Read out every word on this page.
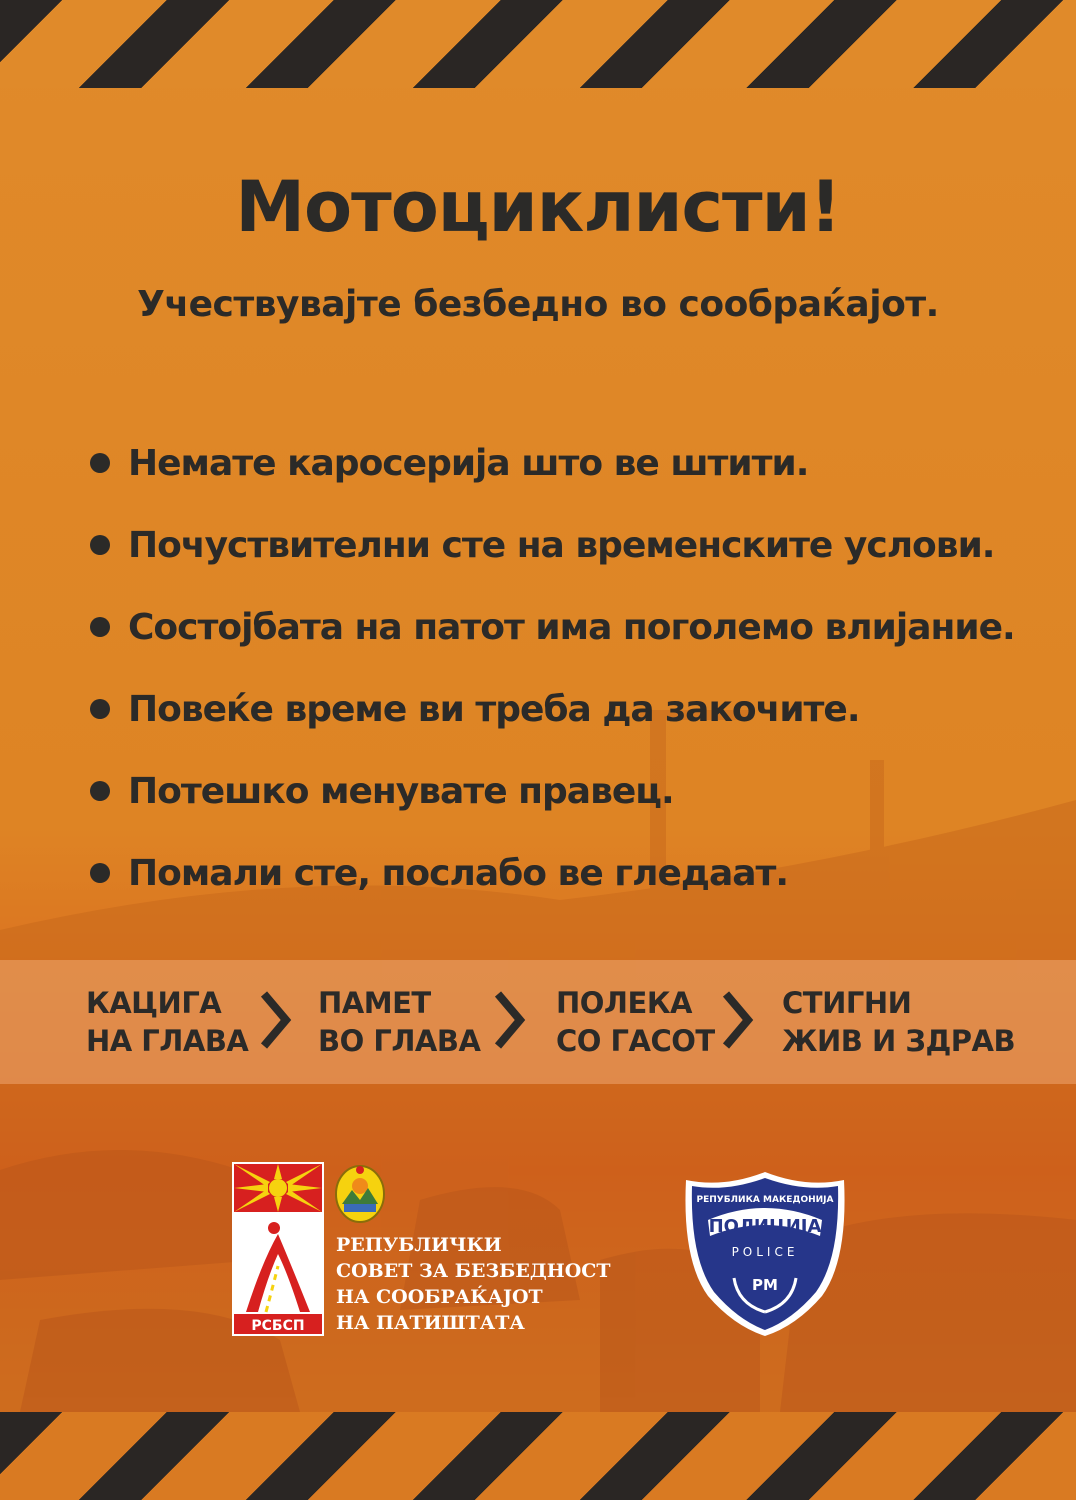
Мотоциклисти!
Учествувајте безбедно во сообраќајот.
Немате каросерија што ве штити.
Почуствителни сте на временските услови.
Состојбата на патот има поголемо влијание.
Повеќе време ви треба да закочите.
Потешко менувате правец.
Помали сте, послабо ве гледаат.
КАЦИГА
НА ГЛАВА
ПАМЕТ
ВО ГЛАВА
ПОЛЕКА
СО ГАСОТ
СТИГНИ
ЖИВ И ЗДРАВ
РСБСП
РЕПУБЛИЧКИ
СОВЕТ ЗА БЕЗБЕДНОСТ
НА СООБРАЌАЈОТ
НА ПАТИШТАТА
РЕПУБЛИКА МАКЕДОНИЈА
ПОЛИЦИЈА
POLICE
РМ
